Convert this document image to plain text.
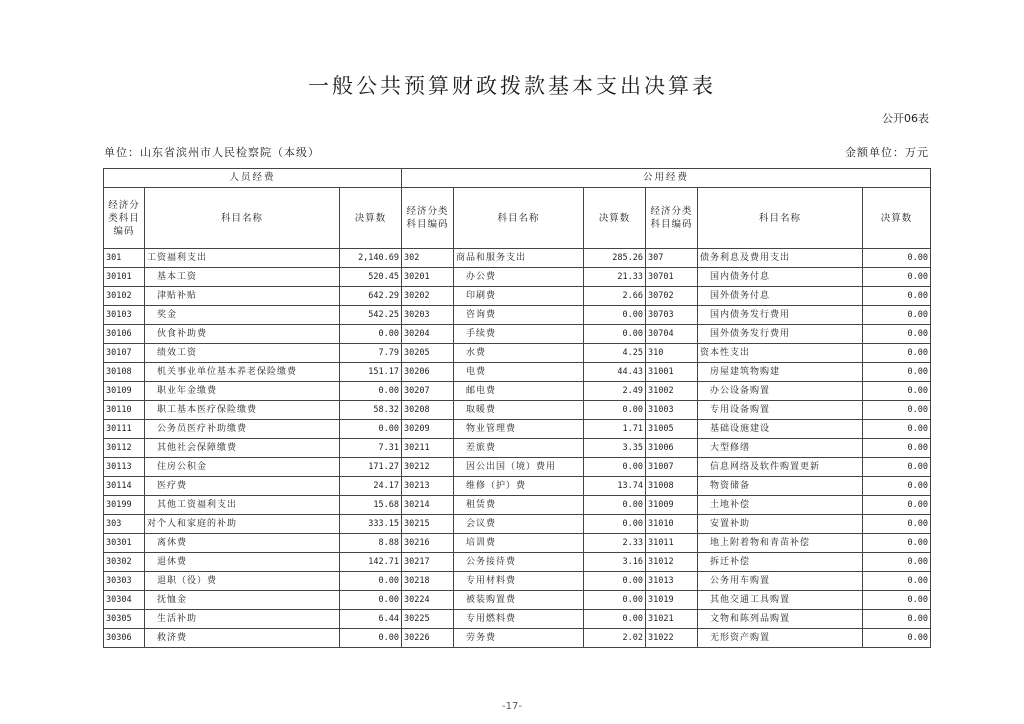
一般公共预算财政拨款基本支出决算表
公开06表
单位：山东省滨州市人民检察院（本级）	金额单位：万元
人员经费			公用经费					
经济分类科目编码	科目名称	决算数	经济分类科目编码	科目名称	决算数	经济分类科目编码	科目名称	决算数
301	工资福利支出	2,140.69	302	商品和服务支出	285.26	307	债务利息及费用支出	0.00
30101	基本工资	520.45	30201	办公费	21.33	30701	国内债务付息	0.00
30102	津贴补贴	642.29	30202	印刷费	2.66	30702	国外债务付息	0.00
30103	奖金	542.25	30203	咨询费	0.00	30703	国内债务发行费用	0.00
30106	伙食补助费	0.00	30204	手续费	0.00	30704	国外债务发行费用	0.00
30107	绩效工资	7.79	30205	水费	4.25	310	资本性支出	0.00
30108	机关事业单位基本养老保险缴费	151.17	30206	电费	44.43	31001	房屋建筑物购建	0.00
30109	职业年金缴费	0.00	30207	邮电费	2.49	31002	办公设备购置	0.00
30110	职工基本医疗保险缴费	58.32	30208	取暖费	0.00	31003	专用设备购置	0.00
30111	公务员医疗补助缴费	0.00	30209	物业管理费	1.71	31005	基础设施建设	0.00
30112	其他社会保障缴费	7.31	30211	差旅费	3.35	31006	大型修缮	0.00
30113	住房公积金	171.27	30212	因公出国（境）费用	0.00	31007	信息网络及软件购置更新	0.00
30114	医疗费	24.17	30213	维修（护）费	13.74	31008	物资储备	0.00
30199	其他工资福利支出	15.68	30214	租赁费	0.00	31009	土地补偿	0.00
303	对个人和家庭的补助	333.15	30215	会议费	0.00	31010	安置补助	0.00
30301	离休费	8.88	30216	培训费	2.33	31011	地上附着物和青苗补偿	0.00
30302	退休费	142.71	30217	公务接待费	3.16	31012	拆迁补偿	0.00
30303	退职（役）费	0.00	30218	专用材料费	0.00	31013	公务用车购置	0.00
30304	抚恤金	0.00	30224	被装购置费	0.00	31019	其他交通工具购置	0.00
30305	生活补助	6.44	30225	专用燃料费	0.00	31021	文物和陈列品购置	0.00
30306	救济费	0.00	30226	劳务费	2.02	31022	无形资产购置	0.00
-17-
